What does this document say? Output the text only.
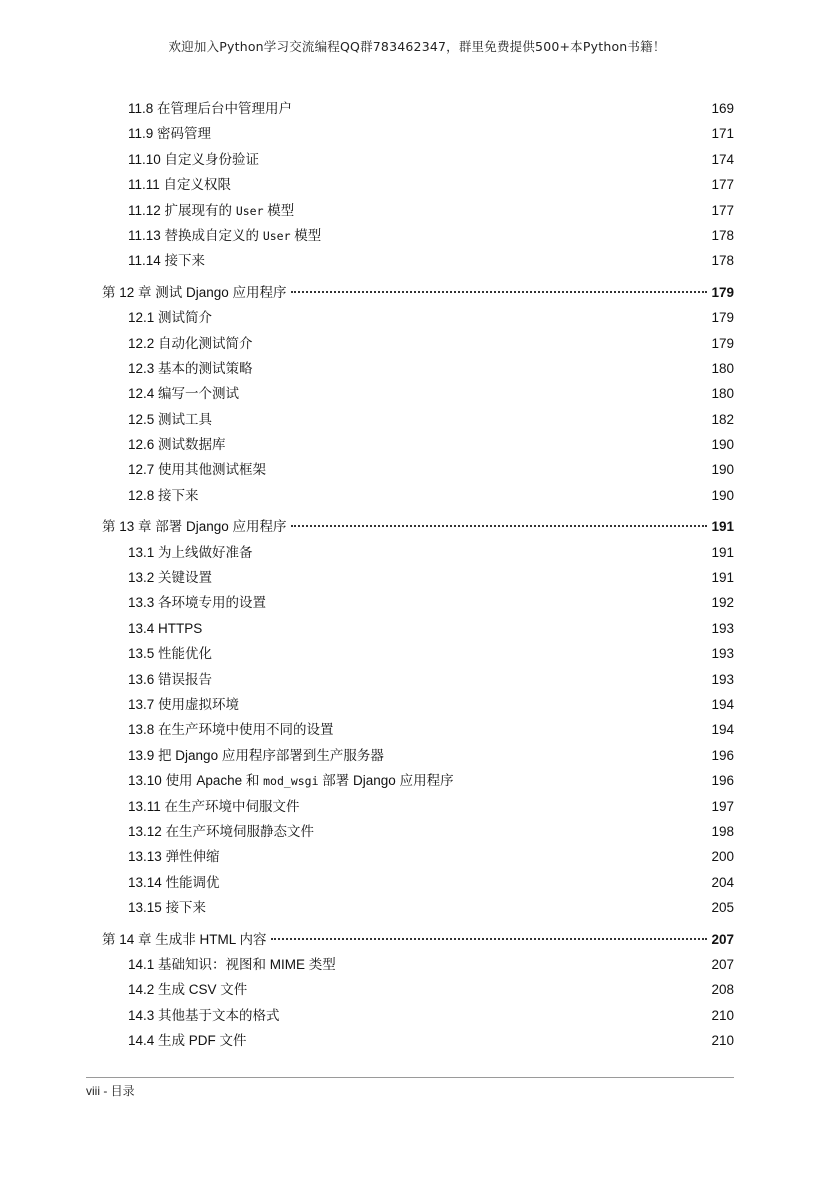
欢迎加入Python学习交流编程QQ群783462347，群里免费提供500+本Python书籍！
11.8 在管理后台中管理用户	169
11.9 密码管理	171
11.10 自定义身份验证	174
11.11 自定义权限	177
11.12 扩展现有的 User 模型	177
11.13 替换成自定义的 User 模型	178
11.14 接下来	178
第 12 章 测试 Django 应用程序	179
12.1 测试简介	179
12.2 自动化测试简介	179
12.3 基本的测试策略	180
12.4 编写一个测试	180
12.5 测试工具	182
12.6 测试数据库	190
12.7 使用其他测试框架	190
12.8 接下来	190
第 13 章 部署 Django 应用程序	191
13.1 为上线做好准备	191
13.2 关键设置	191
13.3 各环境专用的设置	192
13.4 HTTPS	193
13.5 性能优化	193
13.6 错误报告	193
13.7 使用虚拟环境	194
13.8 在生产环境中使用不同的设置	194
13.9 把 Django 应用程序部署到生产服务器	196
13.10 使用 Apache 和 mod_wsgi 部署 Django 应用程序	196
13.11 在生产环境中伺服文件	197
13.12 在生产环境伺服静态文件	198
13.13 弹性伸缩	200
13.14 性能调优	204
13.15 接下来	205
第 14 章 生成非 HTML 内容	207
14.1 基础知识：视图和 MIME 类型	207
14.2 生成 CSV 文件	208
14.3 其他基于文本的格式	210
14.4 生成 PDF 文件	210
viii - 目录
